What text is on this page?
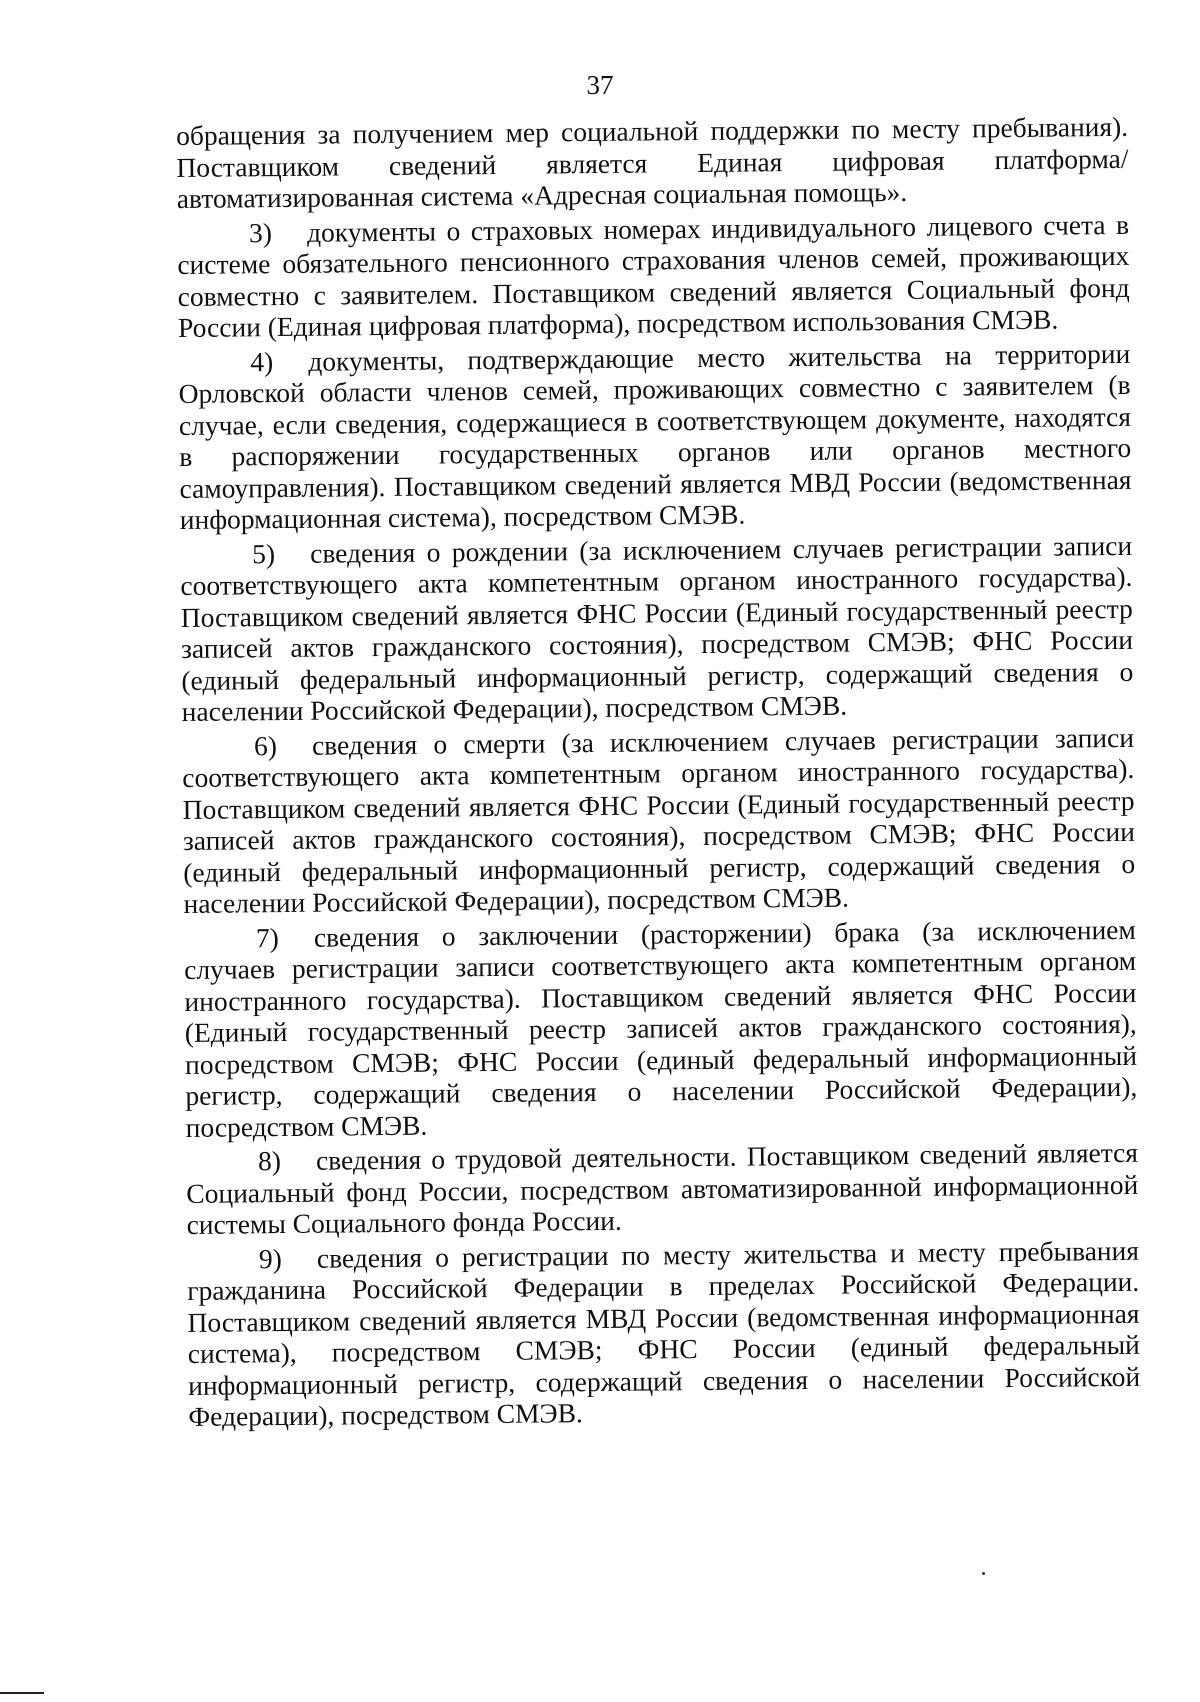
37

обращения за получением мер социальной поддержки по месту пребывания). Поставщиком сведений является Единая цифровая платформа/ автоматизированная система «Адресная социальная помощь».

3) документы о страховых номерах индивидуального лицевого счета в системе обязательного пенсионного страхования членов семей, проживающих совместно с заявителем. Поставщиком сведений является Социальный фонд России (Единая цифровая платформа), посредством использования СМЭВ.

4) документы, подтверждающие место жительства на территории Орловской области членов семей, проживающих совместно с заявителем (в случае, если сведения, содержащиеся в соответствующем документе, находятся в распоряжении государственных органов или органов местного самоуправления). Поставщиком сведений является МВД России (ведомственная информационная система), посредством СМЭВ.

5) сведения о рождении (за исключением случаев регистрации записи соответствующего акта компетентным органом иностранного государства). Поставщиком сведений является ФНС России (Единый государственный реестр записей актов гражданского состояния), посредством СМЭВ; ФНС России (единый федеральный информационный регистр, содержащий сведения о населении Российской Федерации), посредством СМЭВ.

6) сведения о смерти (за исключением случаев регистрации записи соответствующего акта компетентным органом иностранного государства). Поставщиком сведений является ФНС России (Единый государственный реестр записей актов гражданского состояния), посредством СМЭВ; ФНС России (единый федеральный информационный регистр, содержащий сведения о населении Российской Федерации), посредством СМЭВ.

7) сведения о заключении (расторжении) брака (за исключением случаев регистрации записи соответствующего акта компетентным органом иностранного государства). Поставщиком сведений является ФНС России (Единый государственный реестр записей актов гражданского состояния), посредством СМЭВ; ФНС России (единый федеральный информационный регистр, содержащий сведения о населении Российской Федерации), посредством СМЭВ.

8) сведения о трудовой деятельности. Поставщиком сведений является Социальный фонд России, посредством автоматизированной информационной системы Социального фонда России.

9) сведения о регистрации по месту жительства и месту пребывания гражданина Российской Федерации в пределах Российской Федерации. Поставщиком сведений является МВД России (ведомственная информационная система), посредством СМЭВ; ФНС России (единый федеральный информационный регистр, содержащий сведения о населении Российской Федерации), посредством СМЭВ.
